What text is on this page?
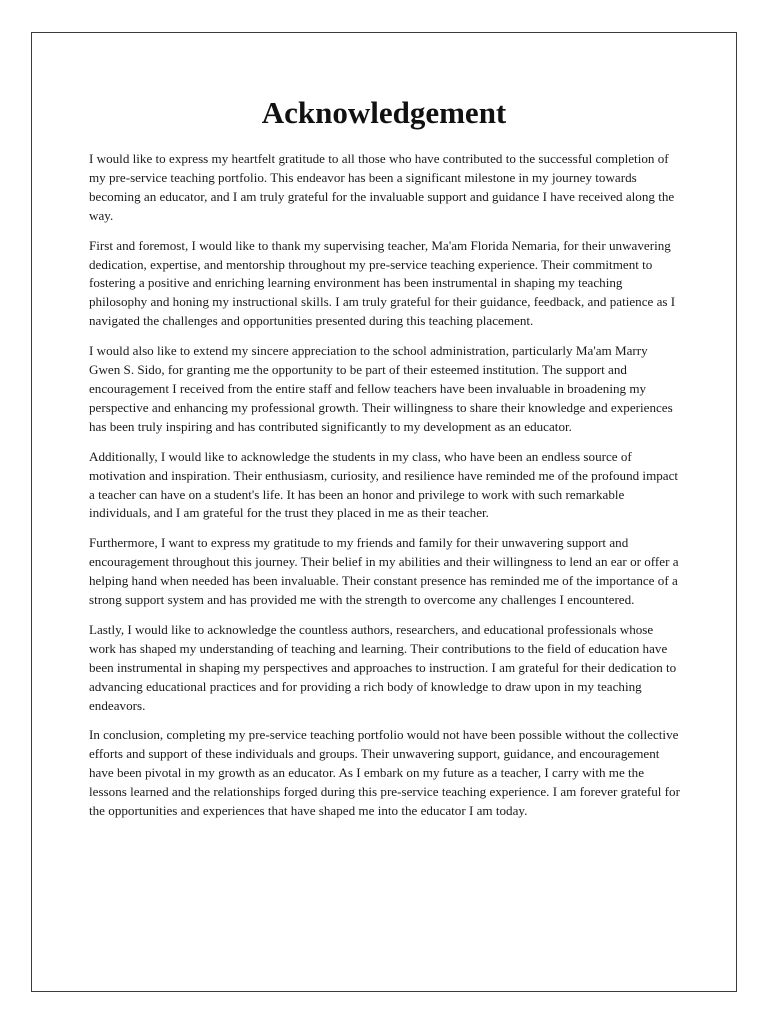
Acknowledgement

I would like to express my heartfelt gratitude to all those who have contributed to the successful completion of my pre-service teaching portfolio. This endeavor has been a significant milestone in my journey towards becoming an educator, and I am truly grateful for the invaluable support and guidance I have received along the way.

First and foremost, I would like to thank my supervising teacher, Ma'am Florida Nemaria, for their unwavering dedication, expertise, and mentorship throughout my pre-service teaching experience. Their commitment to fostering a positive and enriching learning environment has been instrumental in shaping my teaching philosophy and honing my instructional skills. I am truly grateful for their guidance, feedback, and patience as I navigated the challenges and opportunities presented during this teaching placement.

I would also like to extend my sincere appreciation to the school administration, particularly Ma'am Marry Gwen S. Sido, for granting me the opportunity to be part of their esteemed institution. The support and encouragement I received from the entire staff and fellow teachers have been invaluable in broadening my perspective and enhancing my professional growth. Their willingness to share their knowledge and experiences has been truly inspiring and has contributed significantly to my development as an educator.

Additionally, I would like to acknowledge the students in my class, who have been an endless source of motivation and inspiration. Their enthusiasm, curiosity, and resilience have reminded me of the profound impact a teacher can have on a student's life. It has been an honor and privilege to work with such remarkable individuals, and I am grateful for the trust they placed in me as their teacher.

Furthermore, I want to express my gratitude to my friends and family for their unwavering support and encouragement throughout this journey. Their belief in my abilities and their willingness to lend an ear or offer a helping hand when needed has been invaluable. Their constant presence has reminded me of the importance of a strong support system and has provided me with the strength to overcome any challenges I encountered.

Lastly, I would like to acknowledge the countless authors, researchers, and educational professionals whose work has shaped my understanding of teaching and learning. Their contributions to the field of education have been instrumental in shaping my perspectives and approaches to instruction. I am grateful for their dedication to advancing educational practices and for providing a rich body of knowledge to draw upon in my teaching endeavors.

In conclusion, completing my pre-service teaching portfolio would not have been possible without the collective efforts and support of these individuals and groups. Their unwavering support, guidance, and encouragement have been pivotal in my growth as an educator. As I embark on my future as a teacher, I carry with me the lessons learned and the relationships forged during this pre-service teaching experience. I am forever grateful for the opportunities and experiences that have shaped me into the educator I am today.
